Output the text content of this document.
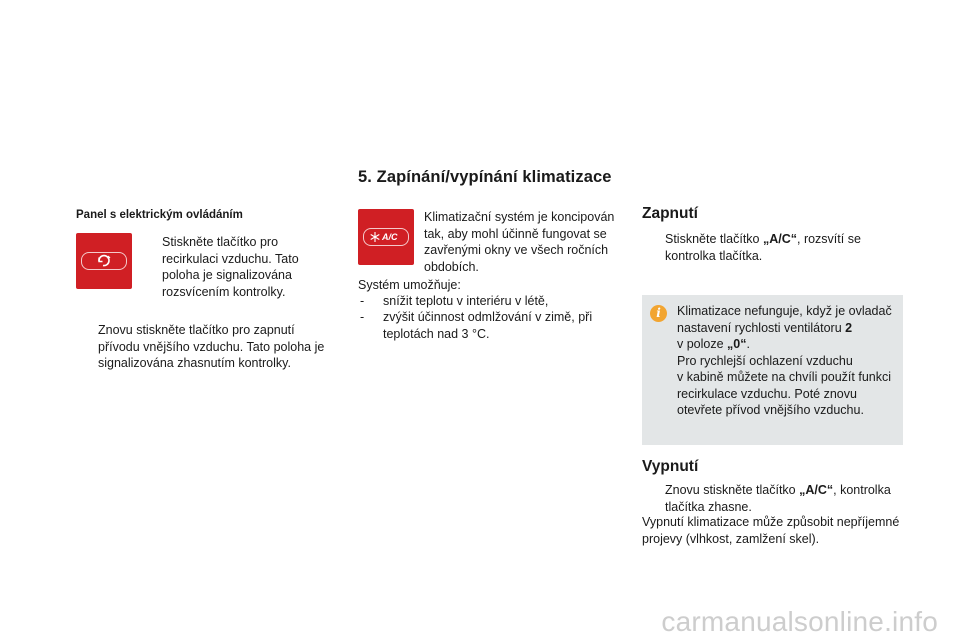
5. Zapínání/vypínání klimatizace
Panel s elektrickým ovládáním
Stiskněte tlačítko pro
recirkulaci vzduchu. Tato
poloha je signalizována
rozsvícením kontrolky.
Znovu stiskněte tlačítko pro zapnutí
přívodu vnějšího vzduchu. Tato poloha je
signalizována zhasnutím kontrolky.
A/C
Klimatizační systém je koncipován
tak, aby mohl účinně fungovat se
zavřenými okny ve všech ročních
obdobích.
Systém umožňuje:
- snížit teplotu v interiéru v létě,
- zvýšit účinnost odmlžování v zimě, při
teplotách nad 3 °C.
Zapnutí
Stiskněte tlačítko „A/C“, rozsvítí se
kontrolka tlačítka.
i	Klimatizace nefunguje, když je ovladač
nastavení rychlosti ventilátoru 2
v poloze „0“.
Pro rychlejší ochlazení vzduchu
v kabině můžete na chvíli použít funkci
recirkulace vzduchu. Poté znovu
otevřete přívod vnějšího vzduchu.
Vypnutí
Znovu stiskněte tlačítko „A/C“, kontrolka
tlačítka zhasne.
Vypnutí klimatizace může způsobit nepříjemné
projevy (vlhkost, zamlžení skel).
carmanualsonline.info
